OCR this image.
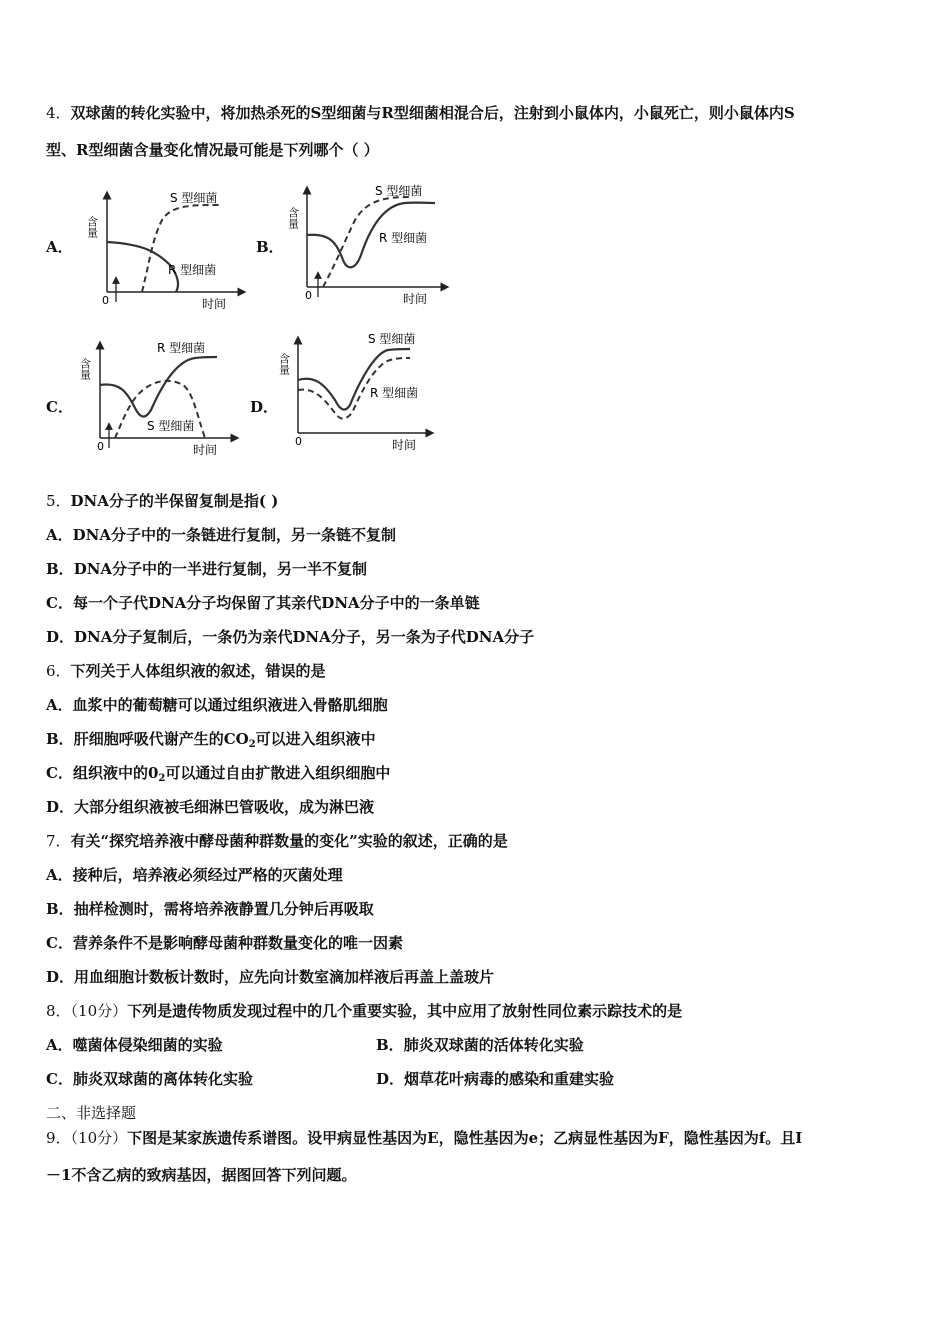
4．双球菌的转化实验中，将加热杀死的S型细菌与R型细菌相混合后，注射到小鼠体内，小鼠死亡，则小鼠体内S
型、R型细菌含量变化情况最可能是下列哪个（ ）
A．
S 型细菌
R 型细菌
含量
0	时间
B．
S 型细菌
R 型细菌
含量
0	时间
C．
R 型细菌
S 型细菌
含量
0	时间
D．
S 型细菌
R 型细菌
含量
0	时间
5．DNA分子的半保留复制是指( )
A．DNA分子中的一条链进行复制，另一条链不复制
B．DNA分子中的一半进行复制，另一半不复制
C．每一个子代DNA分子均保留了其亲代DNA分子中的一条单链
D．DNA分子复制后，一条仍为亲代DNA分子，另一条为子代DNA分子
6．下列关于人体组织液的叙述，错误的是
A．血浆中的葡萄糖可以通过组织液进入骨骼肌细胞
B．肝细胞呼吸代谢产生的$CO_2$可以进入组织液中
C．组织液中的$0_2$可以通过自由扩散进入组织细胞中
D．大部分组织液被毛细淋巴管吸收，成为淋巴液
7．有关“探究培养液中酵母菌种群数量的变化”实验的叙述，正确的是
A．接种后，培养液必须经过严格的灭菌处理
B．抽样检测时，需将培养液静置几分钟后再吸取
C．营养条件不是影响酵母菌种群数量变化的唯一因素
D．用血细胞计数板计数时，应先向计数室滴加样液后再盖上盖玻片
8．（10分）下列是遗传物质发现过程中的几个重要实验，其中应用了放射性同位素示踪技术的是
A．噬菌体侵染细菌的实验	B．肺炎双球菌的活体转化实验
C．肺炎双球菌的离体转化实验	D．烟草花叶病毒的感染和重建实验
二、非选择题
9．（10分）下图是某家族遗传系谱图。设甲病显性基因为E，隐性基因为e；乙病显性基因为F，隐性基因为f。且Ⅰ
－1不含乙病的致病基因，据图回答下列问题。
